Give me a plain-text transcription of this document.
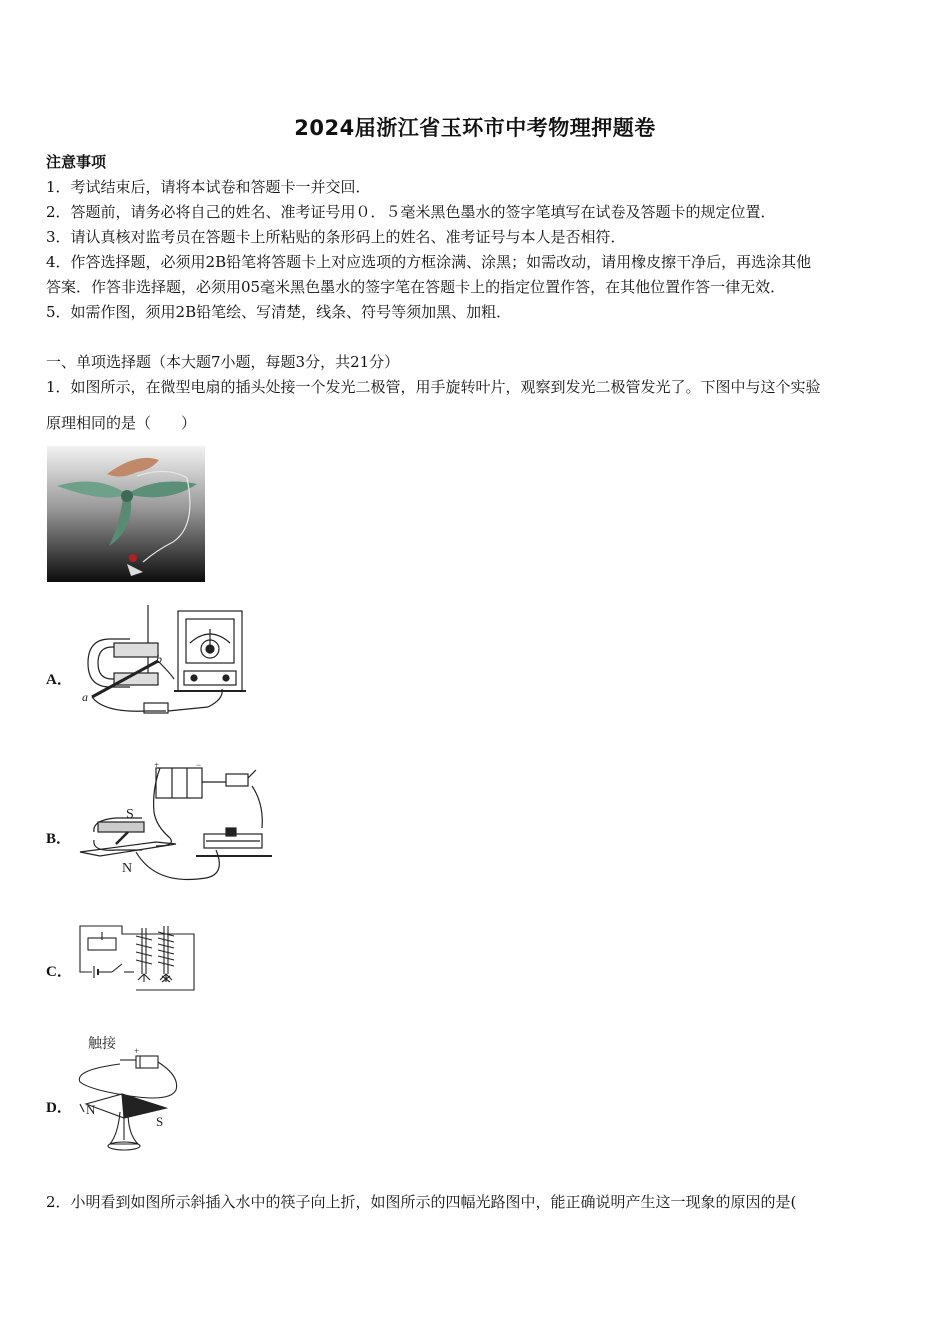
2024届浙江省玉环市中考物理押题卷
注意事项
1．考试结束后，请将本试卷和答题卡一并交回．
2．答题前，请务必将自己的姓名、准考证号用０．５毫米黑色墨水的签字笔填写在试卷及答题卡的规定位置．
3．请认真核对监考员在答题卡上所粘贴的条形码上的姓名、准考证号与本人是否相符．
4．作答选择题，必须用2B铅笔将答题卡上对应选项的方框涂满、涂黑；如需改动，请用橡皮擦干净后，再选涂其他
答案．作答非选择题，必须用05毫米黑色墨水的签字笔在答题卡上的指定位置作答，在其他位置作答一律无效．
5．如需作图，须用2B铅笔绘、写清楚，线条、符号等须加黑、加粗．
一、单项选择题（本大题7小题，每题3分，共21分）
1．如图所示，在微型电扇的插头处接一个发光二极管，用手旋转叶片，观察到发光二极管发光了。下图中与这个实验
原理相同的是（　　）
A．
a
b
B．
S
N
+	−
C．
D．
触接 +
N
S
2．小明看到如图所示斜插入水中的筷子向上折，如图所示的四幅光路图中，能正确说明产生这一现象的原因的是(
